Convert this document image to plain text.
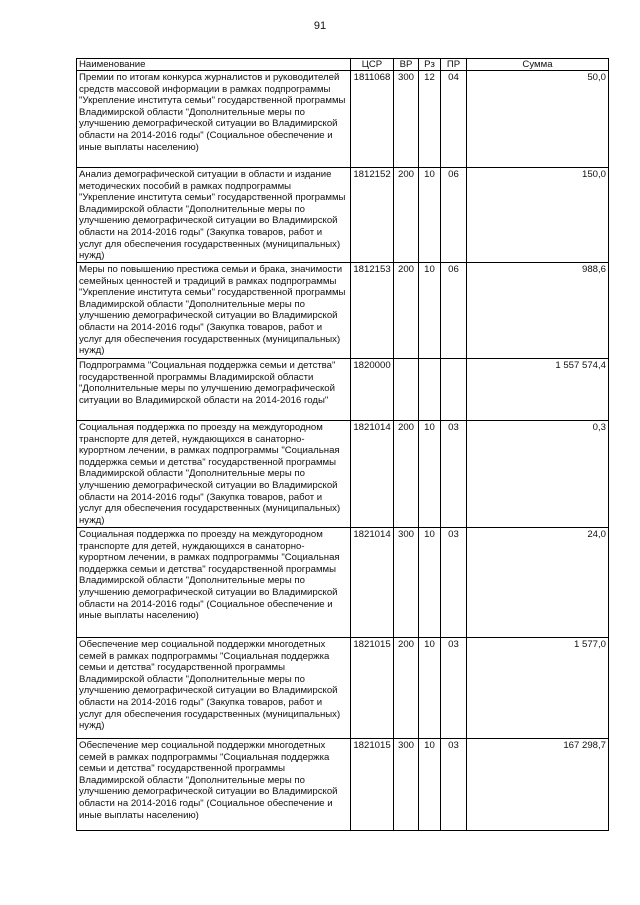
91
Наименование	ЦСР	ВР	Рз	ПР	Сумма
Премии по итогам конкурса журналистов и руководителей средств массовой информации в рамках подпрограммы "Укрепление института семьи" государственной программы Владимирской области "Дополнительные меры по улучшению демографической ситуации во Владимирской области на 2014-2016 годы" (Социальное обеспечение и иные выплаты населению)	1811068	300	12	04	50,0
Анализ демографической ситуации в области и издание методических пособий в рамках подпрограммы "Укрепление института семьи" государственной программы Владимирской области "Дополнительные меры по улучшению демографической ситуации во Владимирской области на 2014-2016 годы" (Закупка товаров, работ и услуг для обеспечения государственных (муниципальных) нужд)	1812152	200	10	06	150,0
Меры по повышению престижа семьи и брака, значимости семейных ценностей и традиций в рамках подпрограммы "Укрепление института семьи" государственной программы Владимирской области "Дополнительные меры по улучшению демографической ситуации во Владимирской области на 2014-2016 годы" (Закупка товаров, работ и услуг для обеспечения государственных (муниципальных) нужд)	1812153	200	10	06	988,6
Подпрограмма "Социальная поддержка семьи и детства" государственной программы Владимирской области "Дополнительные меры по улучшению демографической ситуации во Владимирской области на 2014-2016 годы"	1820000				1 557 574,4
Социальная поддержка по проезду на междугородном транспорте для детей, нуждающихся в санаторно-курортном лечении, в рамках подпрограммы "Социальная поддержка семьи и детства" государственной программы Владимирской области "Дополнительные меры по улучшению демографической ситуации во Владимирской области на 2014-2016 годы" (Закупка товаров, работ и услуг для обеспечения государственных (муниципальных) нужд)	1821014	200	10	03	0,3
Социальная поддержка по проезду на междугородном транспорте для детей, нуждающихся в санаторно-курортном лечении, в рамках подпрограммы "Социальная поддержка семьи и детства" государственной программы Владимирской области "Дополнительные меры по улучшению демографической ситуации во Владимирской области на 2014-2016 годы" (Социальное обеспечение и иные выплаты населению)	1821014	300	10	03	24,0
Обеспечение мер социальной поддержки многодетных семей в рамках подпрограммы "Социальная поддержка семьи и детства" государственной программы Владимирской области "Дополнительные меры по улучшению демографической ситуации во Владимирской области на 2014-2016 годы" (Закупка товаров, работ и услуг для обеспечения государственных (муниципальных) нужд)	1821015	200	10	03	1 577,0
Обеспечение мер социальной поддержки многодетных семей в рамках подпрограммы "Социальная поддержка семьи и детства" государственной программы Владимирской области "Дополнительные меры по улучшению демографической ситуации во Владимирской области на 2014-2016 годы" (Социальное обеспечение и иные выплаты населению)	1821015	300	10	03	167 298,7
